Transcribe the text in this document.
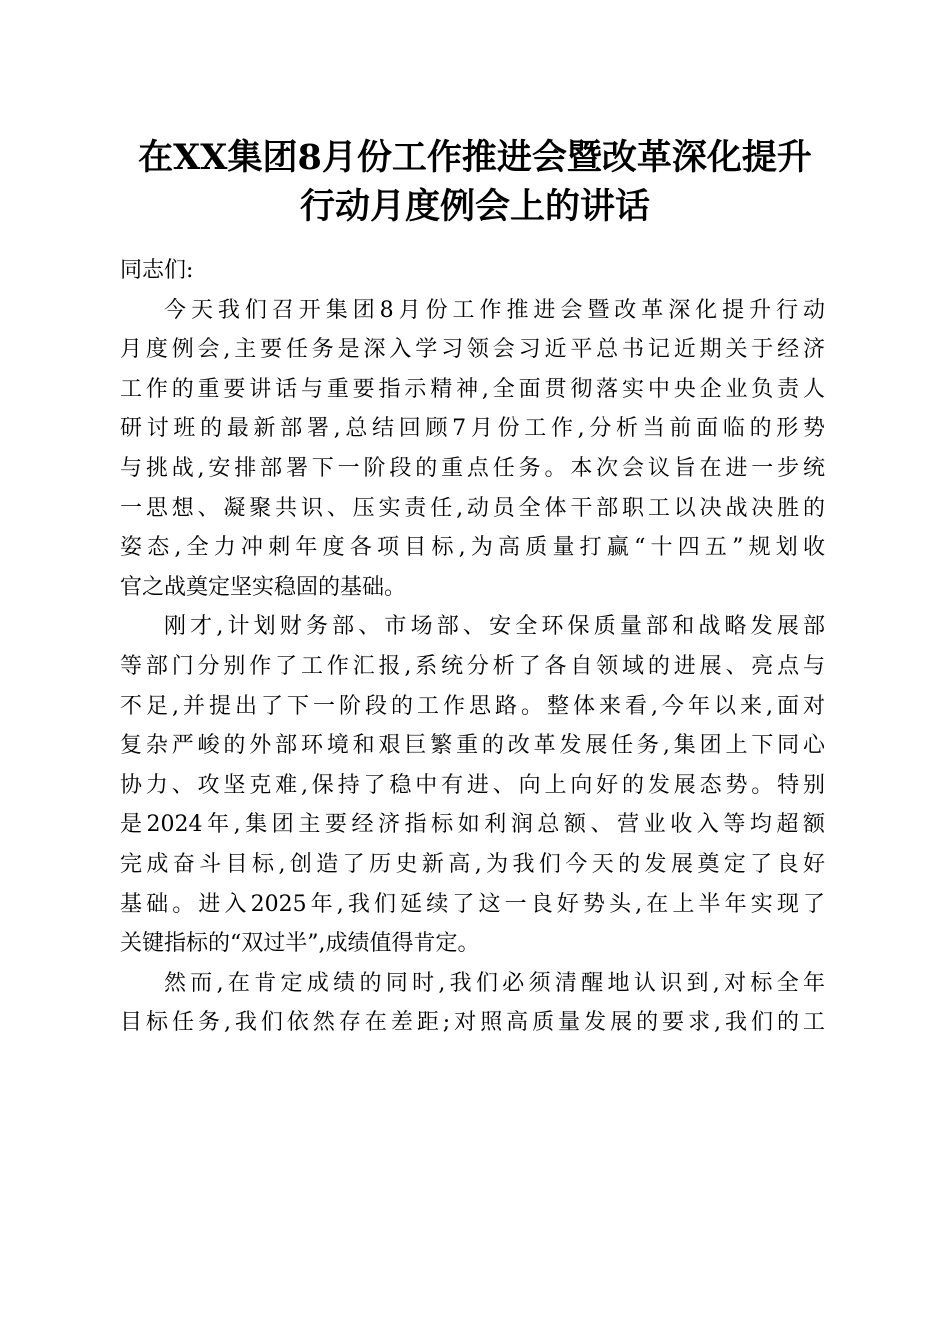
在XX集团8月份工作推进会暨改革深化提升
行动月度例会上的讲话

同志们:

今天我们召开集团8月份工作推进会暨改革深化提升行动
月度例会,主要任务是深入学习领会习近平总书记近期关于经济
工作的重要讲话与重要指示精神,全面贯彻落实中央企业负责人
研讨班的最新部署,总结回顾7月份工作,分析当前面临的形势
与挑战,安排部署下一阶段的重点任务。本次会议旨在进一步统
一思想、凝聚共识、压实责任,动员全体干部职工以决战决胜的
姿态,全力冲刺年度各项目标,为高质量打赢“十四五”规划收
官之战奠定坚实稳固的基础。
刚才,计划财务部、市场部、安全环保质量部和战略发展部
等部门分别作了工作汇报,系统分析了各自领域的进展、亮点与
不足,并提出了下一阶段的工作思路。整体来看,今年以来,面对
复杂严峻的外部环境和艰巨繁重的改革发展任务,集团上下同心
协力、攻坚克难,保持了稳中有进、向上向好的发展态势。特别
是2024年,集团主要经济指标如利润总额、营业收入等均超额
完成奋斗目标,创造了历史新高,为我们今天的发展奠定了良好
基础。进入2025年,我们延续了这一良好势头,在上半年实现了
关键指标的“双过半”,成绩值得肯定。
然而,在肯定成绩的同时,我们必须清醒地认识到,对标全年
目标任务,我们依然存在差距;对照高质量发展的要求,我们的工
